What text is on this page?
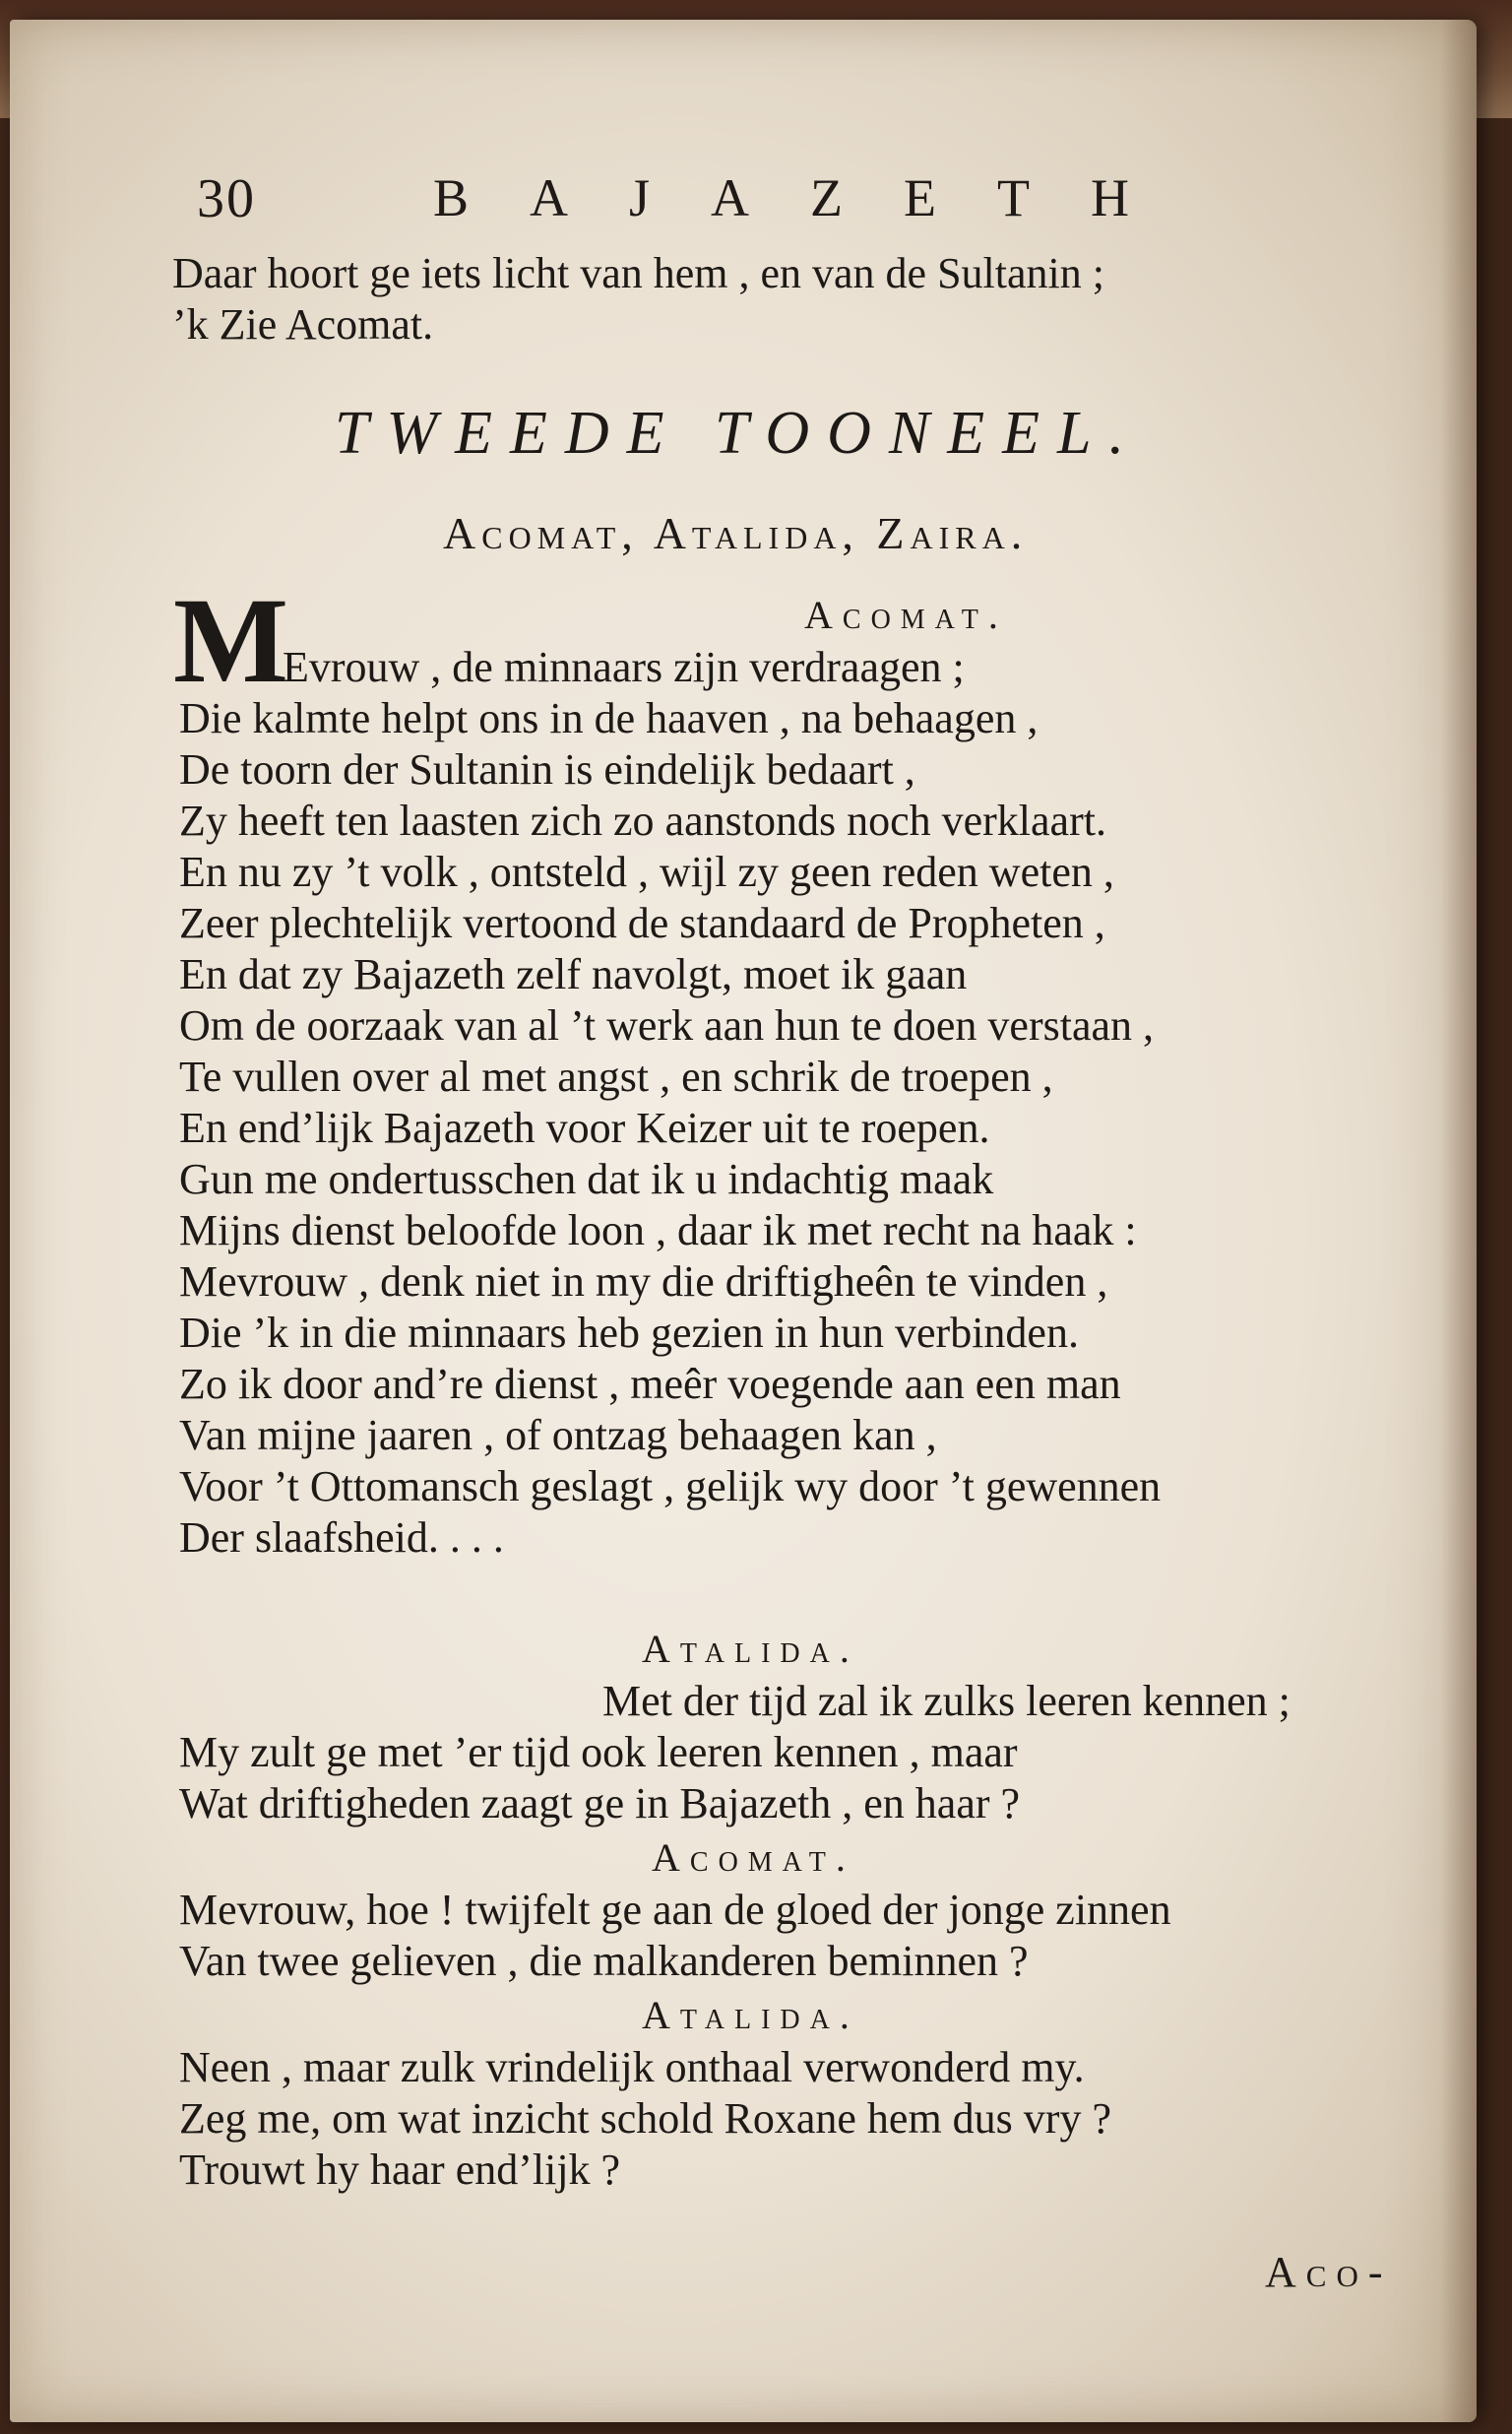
30	BAJAZETH
Daar hoort ge iets licht van hem , en van de Sultanin ;
’k Zie Acomat.
TWEEDE TOONEEL.
Acomat, Atalida, Zaira.
Acomat.
M
Evrouw , de minnaars zijn verdraagen ;
Die kalmte helpt ons in de haaven , na behaagen ,
De toorn der Sultanin is eindelijk bedaart ,
Zy heeft ten laasten zich zo aanstonds noch verklaart.
En nu zy ’t volk , ontsteld , wijl zy geen reden weten ,
Zeer plechtelijk vertoond de standaard de Propheten ,
En dat zy Bajazeth zelf navolgt, moet ik gaan
Om de oorzaak van al ’t werk aan hun te doen verstaan ,
Te vullen over al met angst , en schrik de troepen ,
En end’lijk Bajazeth voor Keizer uit te roepen.
Gun me ondertusschen dat ik u indachtig maak
Mijns dienst beloofde loon , daar ik met recht na haak :
Mevrouw , denk niet in my die driftigheên te vinden ,
Die ’k in die minnaars heb gezien in hun verbinden.
Zo ik door and’re dienst , meêr voegende aan een man
Van mijne jaaren , of ontzag behaagen kan ,
Voor ’t Ottomansch geslagt , gelijk wy door ’t gewennen
Der slaafsheid. . . .
Atalida.
Met der tijd zal ik zulks leeren kennen ;
My zult ge met ’er tijd ook leeren kennen , maar
Wat driftigheden zaagt ge in Bajazeth , en haar ?
Acomat.
Mevrouw, hoe ! twijfelt ge aan de gloed der jonge zinnen
Van twee gelieven , die malkanderen beminnen ?
Atalida.
Neen , maar zulk vrindelijk onthaal verwonderd my.
Zeg me, om wat inzicht schold Roxane hem dus vry ?
Trouwt hy haar end’lijk ?
Aco-
